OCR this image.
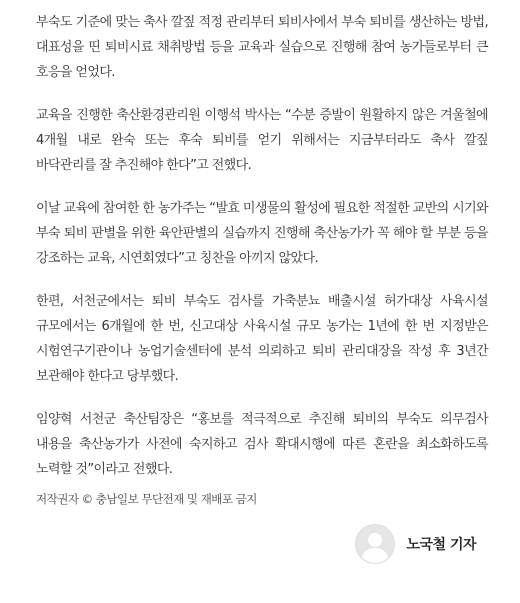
부숙도 기준에 맞는 축사 깔짚 적정 관리부터 퇴비사에서 부숙 퇴비를 생산하는 방법, 대표성을 띤 퇴비시료 채취방법 등을 교육과 실습으로 진행해 참여 농가들로부터 큰 호응을 얻었다.

교육을 진행한 축산환경관리원 이행석 박사는 “수분 증발이 원활하지 않은 겨울철에 4개월 내로 완숙 또는 후숙 퇴비를 얻기 위해서는 지금부터라도 축사 깔짚 바닥관리를 잘 추진해야 한다”고 전했다.

이날 교육에 참여한 한 농가주는 “발효 미생물의 활성에 필요한 적절한 교반의 시기와 부숙 퇴비 판별을 위한 육안판별의 실습까지 진행해 축산농가가 꼭 해야 할 부분 등을 강조하는 교육, 시연회였다”고 칭찬을 아끼지 않았다.

한편, 서천군에서는 퇴비 부숙도 검사를 가축분뇨 배출시설 허가대상 사육시설 규모에서는 6개월에 한 번, 신고대상 사육시설 규모 농가는 1년에 한 번 지정받은 시험연구기관이나 농업기술센터에 분석 의뢰하고 퇴비 관리대장을 작성 후 3년간 보관해야 한다고 당부했다.

임양혁 서천군 축산팀장은 “홍보를 적극적으로 추진해 퇴비의 부숙도 의무검사 내용을 축산농가가 사전에 숙지하고 검사 확대시행에 따른 혼란을 최소화하도록 노력할 것”이라고 전했다.

저작권자 © 충남일보 무단전재 및 재배포 금지

노국철 기자
